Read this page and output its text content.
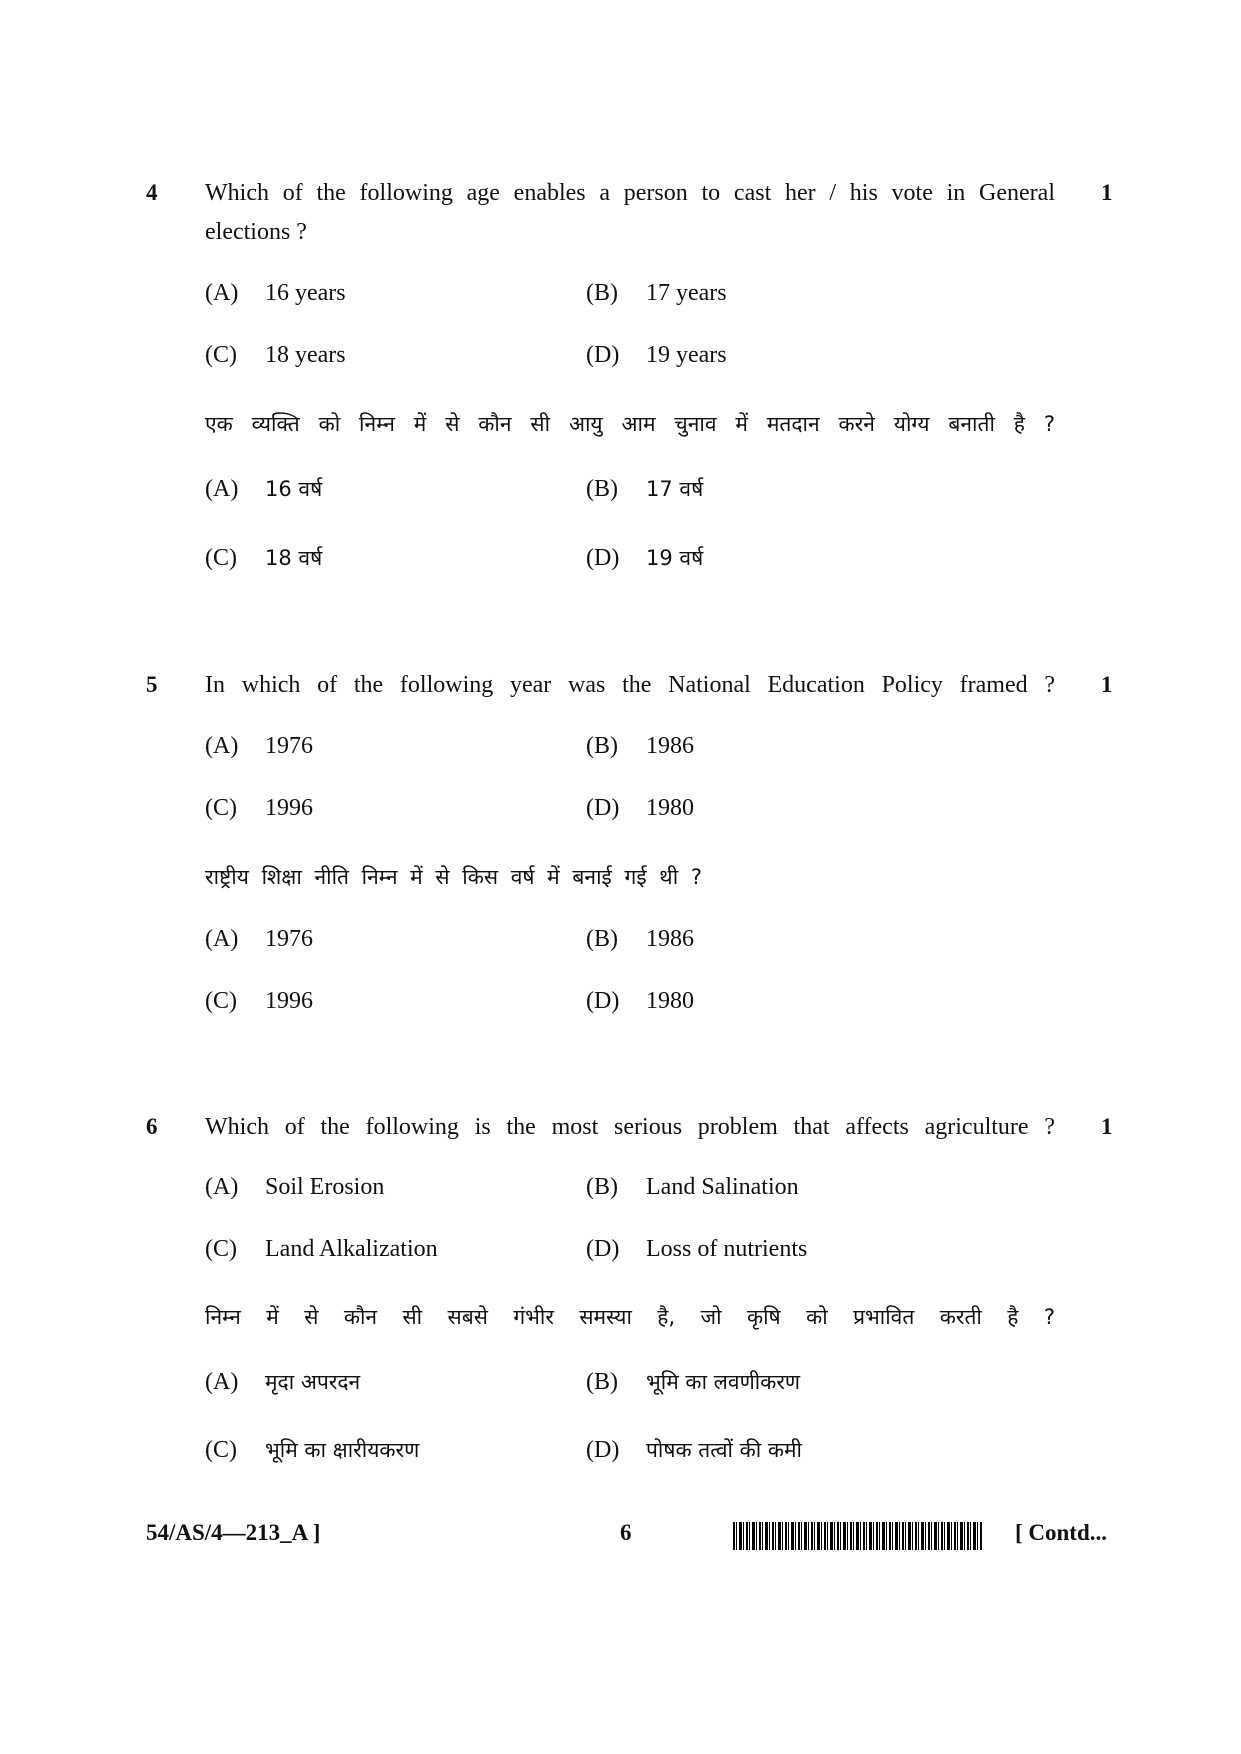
4	1
Which of the following age enables a person to cast her / his vote in General
elections ?
(A) 16 years	(B) 17 years
(C) 18 years	(D) 19 years
एक व्यक्ति को निम्न में से कौन सी आयु आम चुनाव में मतदान करने योग्य बनाती है ?
(A) 16 वर्ष	(B) 17 वर्ष
(C) 18 वर्ष	(D) 19 वर्ष
5	1
In which of the following year was the National Education Policy framed ?
(A) 1976	(B) 1986
(C) 1996	(D) 1980
राष्ट्रीय शिक्षा नीति निम्न में से किस वर्ष में बनाई गई थी ?
(A) 1976	(B) 1986
(C) 1996	(D) 1980
6	1
Which of the following is the most serious problem that affects agriculture ?
(A) Soil Erosion	(B) Land Salination
(C) Land Alkalization	(D) Loss of nutrients
निम्न में से कौन सी सबसे गंभीर समस्या है, जो कृषि को प्रभावित करती है ?
(A) मृदा अपरदन	(B) भूमि का लवणीकरण
(C) भूमि का क्षारीयकरण	(D) पोषक तत्वों की कमी
54/AS/4—213_A ]	6	[ Contd...
